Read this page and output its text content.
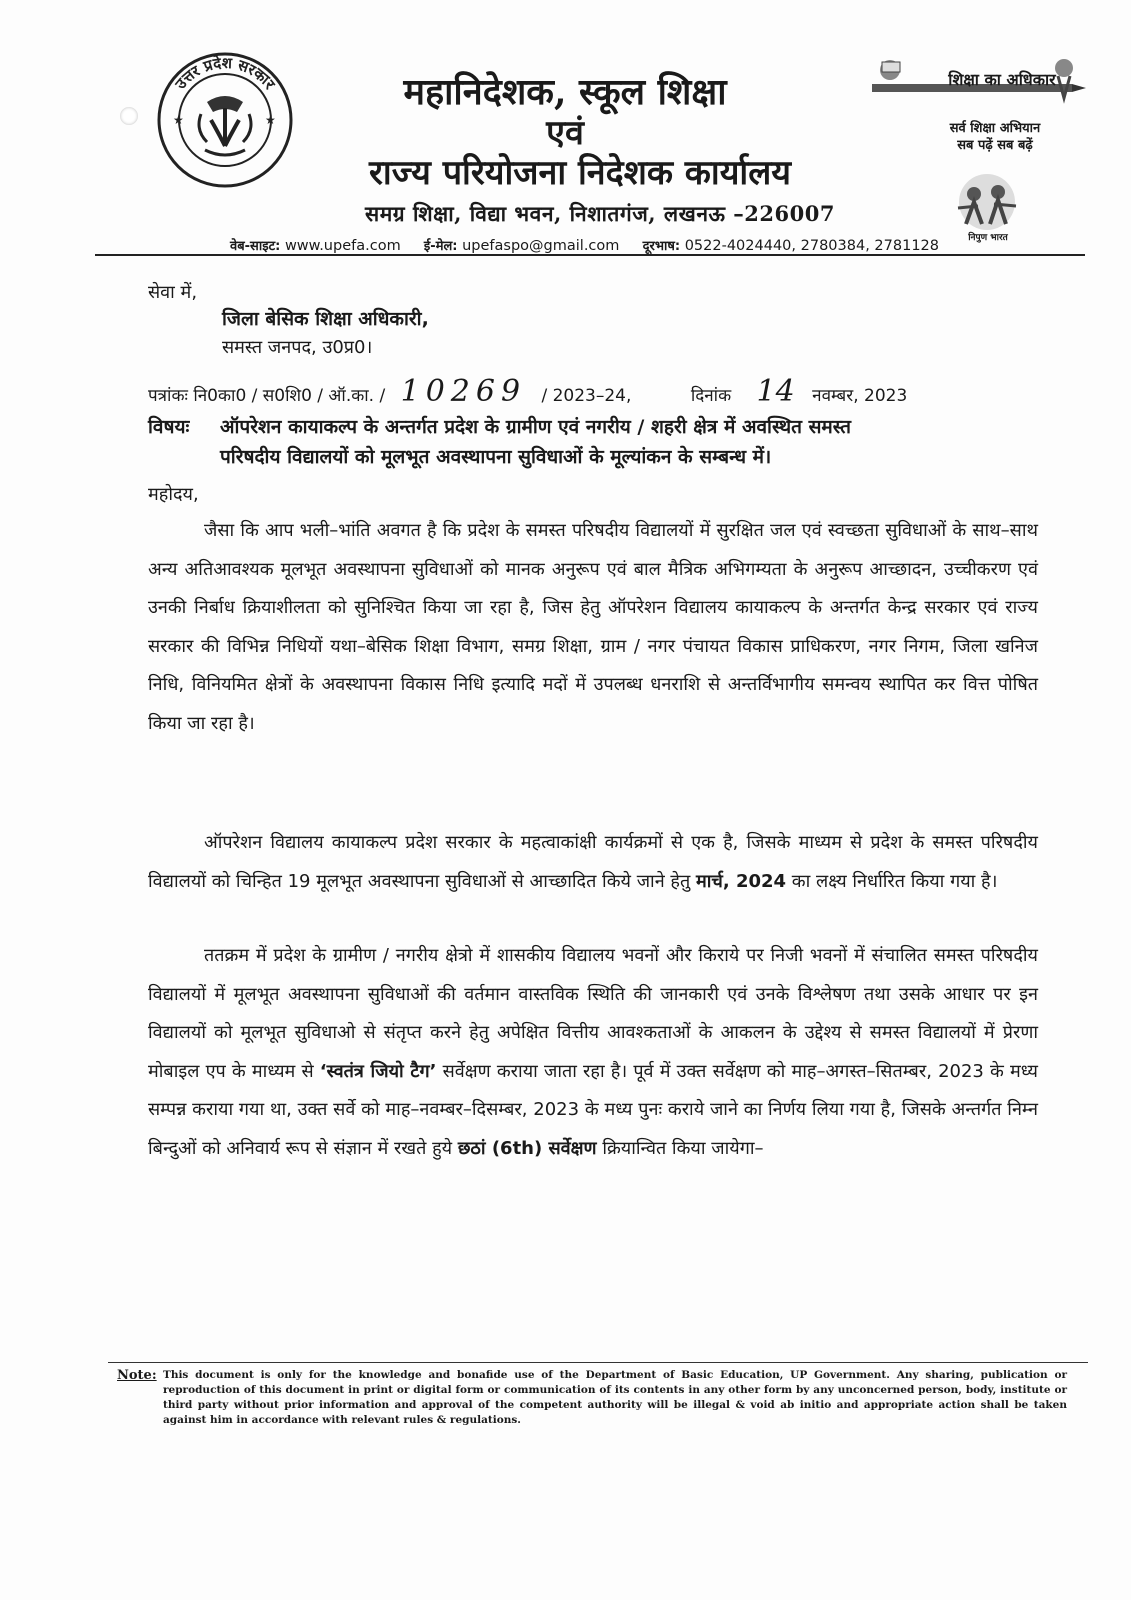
★	★
उत्तर प्रदेश सरकार	महानिदेशक, स्कूल शिक्षा
एवं
राज्य परियोजना निदेशक कार्यालय
समग्र शिक्षा, विद्या भवन, निशातगंज, लखनऊ –226007
शिक्षा का अधिकार
सर्व शिक्षा अभियान
सब पढ़ें सब बढ़ें
निपुण भारत
वेब-साइट: www.upefa.com ई-मेल: upefaspo@gmail.com दूरभाष: 0522-4024440, 2780384, 2781128
सेवा में,
जिला बेसिक शिक्षा अधिकारी,
समस्त जनपद, उ0प्र0।
पत्रांकः नि0का0 / स0शि0 / ऑ.का. / 10269 / 2023–24,	दिनांक 14 नवम्बर, 2023
विषयः ऑपरेशन कायाकल्प के अन्तर्गत प्रदेश के ग्रामीण एवं नगरीय / शहरी क्षेत्र में अवस्थित समस्त
परिषदीय विद्यालयों को मूलभूत अवस्थापना सुविधाओं के मूल्यांकन के सम्बन्ध में।
महोदय,

जैसा कि आप भली–भांति अवगत है कि प्रदेश के समस्त परिषदीय विद्यालयों में सुरक्षित जल एवं स्वच्छता सुविधाओं के साथ–साथ अन्य अतिआवश्यक मूलभूत अवस्थापना सुविधाओं को मानक अनुरूप एवं बाल मैत्रिक अभिगम्यता के अनुरूप आच्छादन, उच्चीकरण एवं उनकी निर्बाध क्रियाशीलता को सुनिश्चित किया जा रहा है, जिस हेतु ऑपरेशन विद्यालय कायाकल्प के अन्तर्गत केन्द्र सरकार एवं राज्य सरकार की विभिन्न निधियों यथा–बेसिक शिक्षा विभाग, समग्र शिक्षा, ग्राम / नगर पंचायत विकास प्राधिकरण, नगर निगम, जिला खनिज निधि, विनियमित क्षेत्रों के अवस्थापना विकास निधि इत्यादि मदों में उपलब्ध धनराशि से अन्तर्विभागीय समन्वय स्थापित कर वित्त पोषित किया जा रहा है।

ऑपरेशन विद्यालय कायाकल्प प्रदेश सरकार के महत्वाकांक्षी कार्यक्रमों से एक है, जिसके माध्यम से प्रदेश के समस्त परिषदीय विद्यालयों को चिन्हित 19 मूलभूत अवस्थापना सुविधाओं से आच्छादित किये जाने हेतु मार्च, 2024 का लक्ष्य निर्धारित किया गया है।

ततक्रम में प्रदेश के ग्रामीण / नगरीय क्षेत्रो में शासकीय विद्यालय भवनों और किराये पर निजी भवनों में संचालित समस्त परिषदीय विद्यालयों में मूलभूत अवस्थापना सुविधाओं की वर्तमान वास्तविक स्थिति की जानकारी एवं उनके विश्लेषण तथा उसके आधार पर इन विद्यालयों को मूलभूत सुविधाओ से संतृप्त करने हेतु अपेक्षित वित्तीय आवश्कताओं के आकलन के उद्देश्य से समस्त विद्यालयों में प्रेरणा मोबाइल एप के माध्यम से ‘स्वतंत्र जियो टैग’ सर्वेक्षण कराया जाता रहा है। पूर्व में उक्त सर्वेक्षण को माह–अगस्त–सितम्बर, 2023 के मध्य सम्पन्न कराया गया था, उक्त सर्वे को माह–नवम्बर–दिसम्बर, 2023 के मध्य पुनः कराये जाने का निर्णय लिया गया है, जिसके अन्तर्गत निम्न बिन्दुओं को अनिवार्य रूप से संज्ञान में रखते हुये छठां (6th) सर्वेक्षण क्रियान्वित किया जायेगा–

Note: This document is only for the knowledge and bonafide use of the Department of Basic Education, UP Government. Any sharing, publication or reproduction of this document in print or digital form or communication of its contents in any other form by any unconcerned person, body, institute or third party without prior information and approval of the competent authority will be illegal & void ab initio and appropriate action shall be taken against him in accordance with relevant rules & regulations.
